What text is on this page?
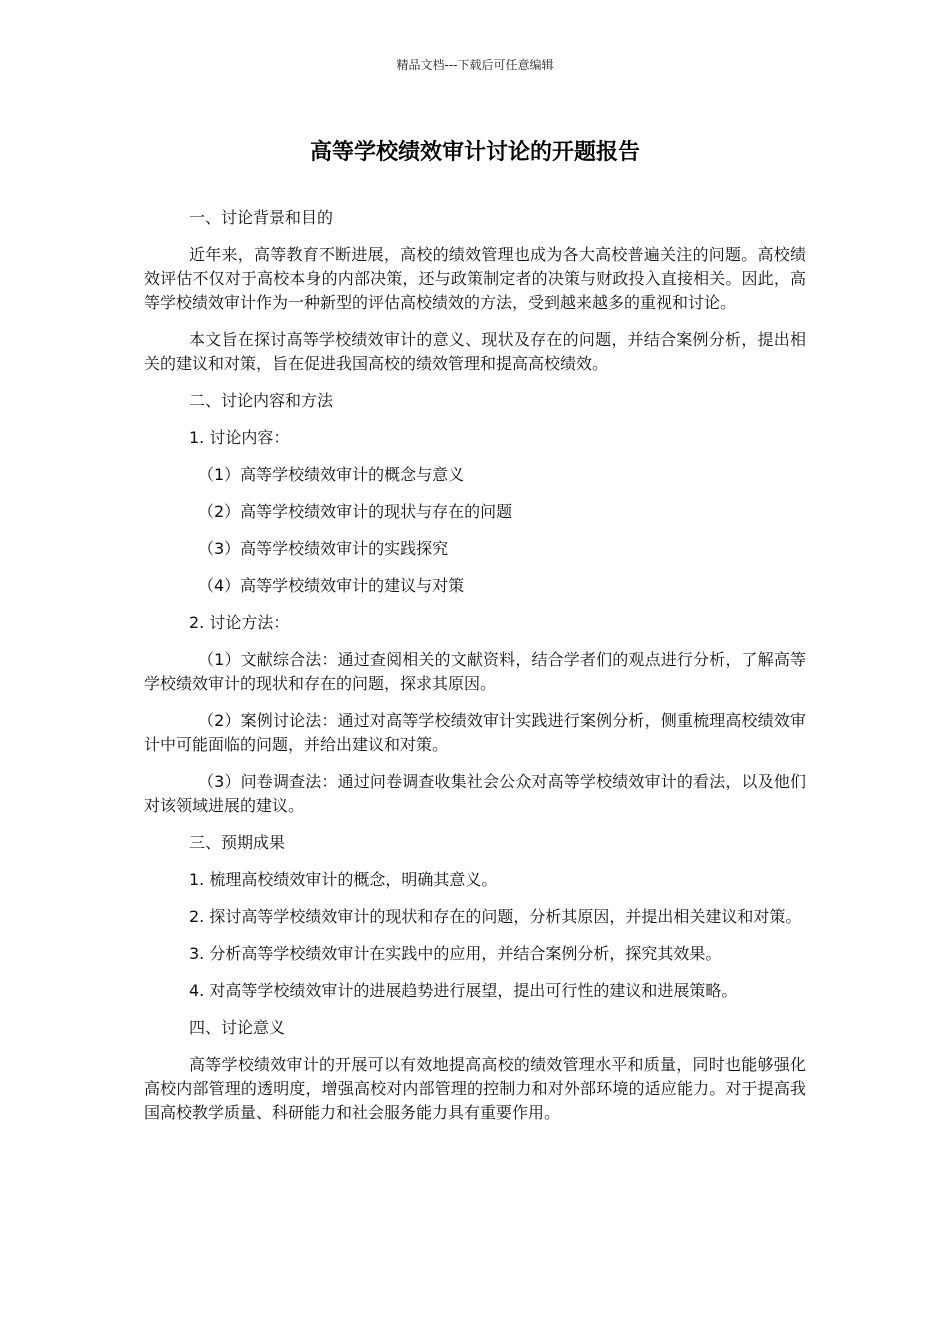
精品文档---下载后可任意编辑
高等学校绩效审计讨论的开题报告

一、讨论背景和目的

近年来，高等教育不断进展，高校的绩效管理也成为各大高校普遍关注的问题。高校绩效评估不仅对于高校本身的内部决策，还与政策制定者的决策与财政投入直接相关。因此，高等学校绩效审计作为一种新型的评估高校绩效的方法，受到越来越多的重视和讨论。

本文旨在探讨高等学校绩效审计的意义、现状及存在的问题，并结合案例分析，提出相关的建议和对策，旨在促进我国高校的绩效管理和提高高校绩效。

二、讨论内容和方法

1. 讨论内容：

（1）高等学校绩效审计的概念与意义

（2）高等学校绩效审计的现状与存在的问题

（3）高等学校绩效审计的实践探究

（4）高等学校绩效审计的建议与对策

2. 讨论方法：

（1）文献综合法：通过查阅相关的文献资料，结合学者们的观点进行分析，了解高等学校绩效审计的现状和存在的问题，探求其原因。

（2）案例讨论法：通过对高等学校绩效审计实践进行案例分析，侧重梳理高校绩效审计中可能面临的问题，并给出建议和对策。

（3）问卷调查法：通过问卷调查收集社会公众对高等学校绩效审计的看法，以及他们对该领域进展的建议。

三、预期成果

1. 梳理高校绩效审计的概念，明确其意义。

2. 探讨高等学校绩效审计的现状和存在的问题，分析其原因，并提出相关建议和对策。

3. 分析高等学校绩效审计在实践中的应用，并结合案例分析，探究其效果。

4. 对高等学校绩效审计的进展趋势进行展望，提出可行性的建议和进展策略。

四、讨论意义

高等学校绩效审计的开展可以有效地提高高校的绩效管理水平和质量，同时也能够强化高校内部管理的透明度，增强高校对内部管理的控制力和对外部环境的适应能力。对于提高我国高校教学质量、科研能力和社会服务能力具有重要作用。
